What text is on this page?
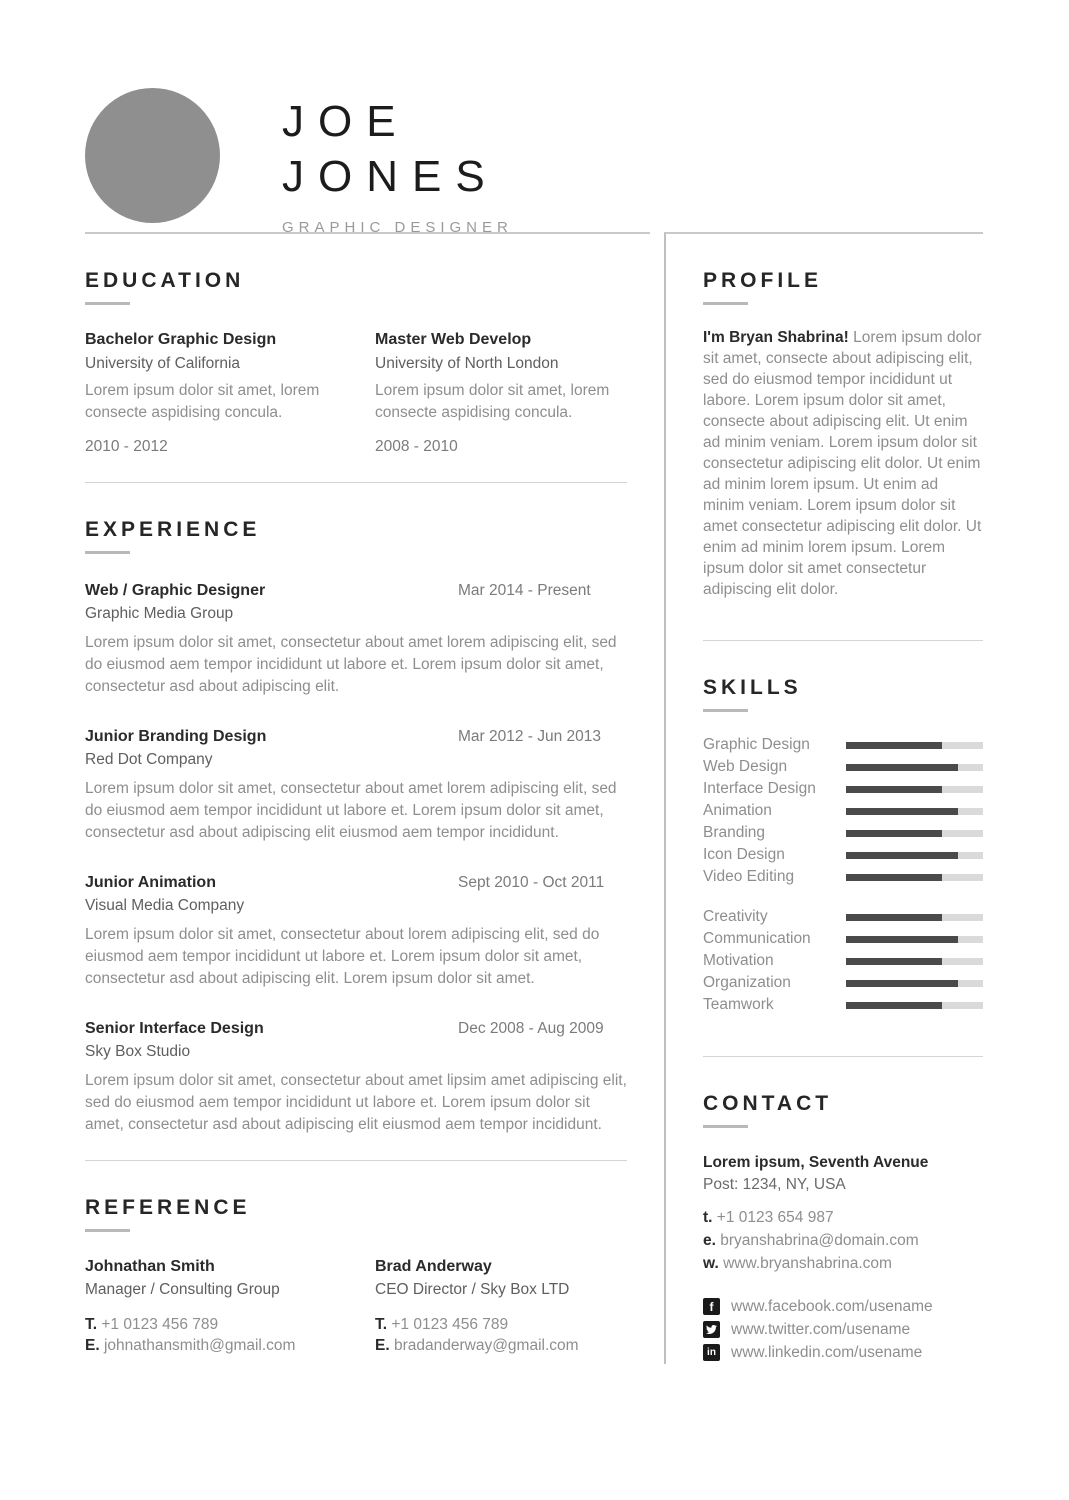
JOE
JONES
GRAPHIC DESIGNER
EDUCATION
Bachelor Graphic Design
University of California
Lorem ipsum dolor sit amet, lorem consecte aspidising concula.
2010 - 2012
Master Web Develop
University of North London
Lorem ipsum dolor sit amet, lorem consecte aspidising concula.
2008 - 2010
EXPERIENCE
Web / Graphic Designer	Mar 2014 - Present
Graphic Media Group
Lorem ipsum dolor sit amet, consectetur about amet lorem adipiscing elit, sed do eiusmod aem tempor incididunt ut labore et. Lorem ipsum dolor sit amet, consectetur asd about adipiscing elit.
Junior Branding Design	Mar 2012 - Jun 2013
Red Dot Company
Lorem ipsum dolor sit amet, consectetur about amet lorem adipiscing elit, sed do eiusmod aem tempor incididunt ut labore et. Lorem ipsum dolor sit amet, consectetur asd about adipiscing elit eiusmod aem tempor incididunt.
Junior Animation	Sept 2010 - Oct 2011
Visual Media Company
Lorem ipsum dolor sit amet, consectetur about lorem adipiscing elit, sed do eiusmod aem tempor incididunt ut labore et. Lorem ipsum dolor sit amet, consectetur asd about adipiscing elit. Lorem ipsum dolor sit amet.
Senior Interface Design	Dec 2008 - Aug 2009
Sky Box Studio
Lorem ipsum dolor sit amet, consectetur about amet lipsim amet adipiscing elit, sed do eiusmod aem tempor incididunt ut labore et. Lorem ipsum dolor sit amet, consectetur asd about adipiscing elit eiusmod aem tempor incididunt.
REFERENCE
Johnathan Smith
Manager / Consulting Group
T. +1 0123 456 789
E. johnathansmith@gmail.com
Brad Anderway
CEO Director / Sky Box LTD
T. +1 0123 456 789
E. bradanderway@gmail.com
PROFILE

I'm Bryan Shabrina! Lorem ipsum dolor sit amet, consecte about adipiscing elit, sed do eiusmod tempor incididunt ut labore. Lorem ipsum dolor sit amet, consecte about adipiscing elit. Ut enim ad minim veniam. Lorem ipsum dolor sit consectetur adipiscing elit dolor. Ut enim ad minim lorem ipsum. Ut enim ad minim veniam. Lorem ipsum dolor sit amet consectetur adipiscing elit dolor. Ut enim ad minim lorem ipsum. Lorem ipsum dolor sit amet consectetur adipiscing elit dolor.

SKILLS
Graphic Design
Web Design
Interface Design
Animation
Branding
Icon Design
Video Editing
Creativity
Communication
Motivation
Organization
Teamwork
CONTACT
Lorem ipsum, Seventh Avenue
Post: 1234, NY, USA
t. +1 0123 654 987
e. bryanshabrina@domain.com
w. www.bryanshabrina.com
f www.facebook.com/usename
www.twitter.com/usename
in www.linkedin.com/usename
